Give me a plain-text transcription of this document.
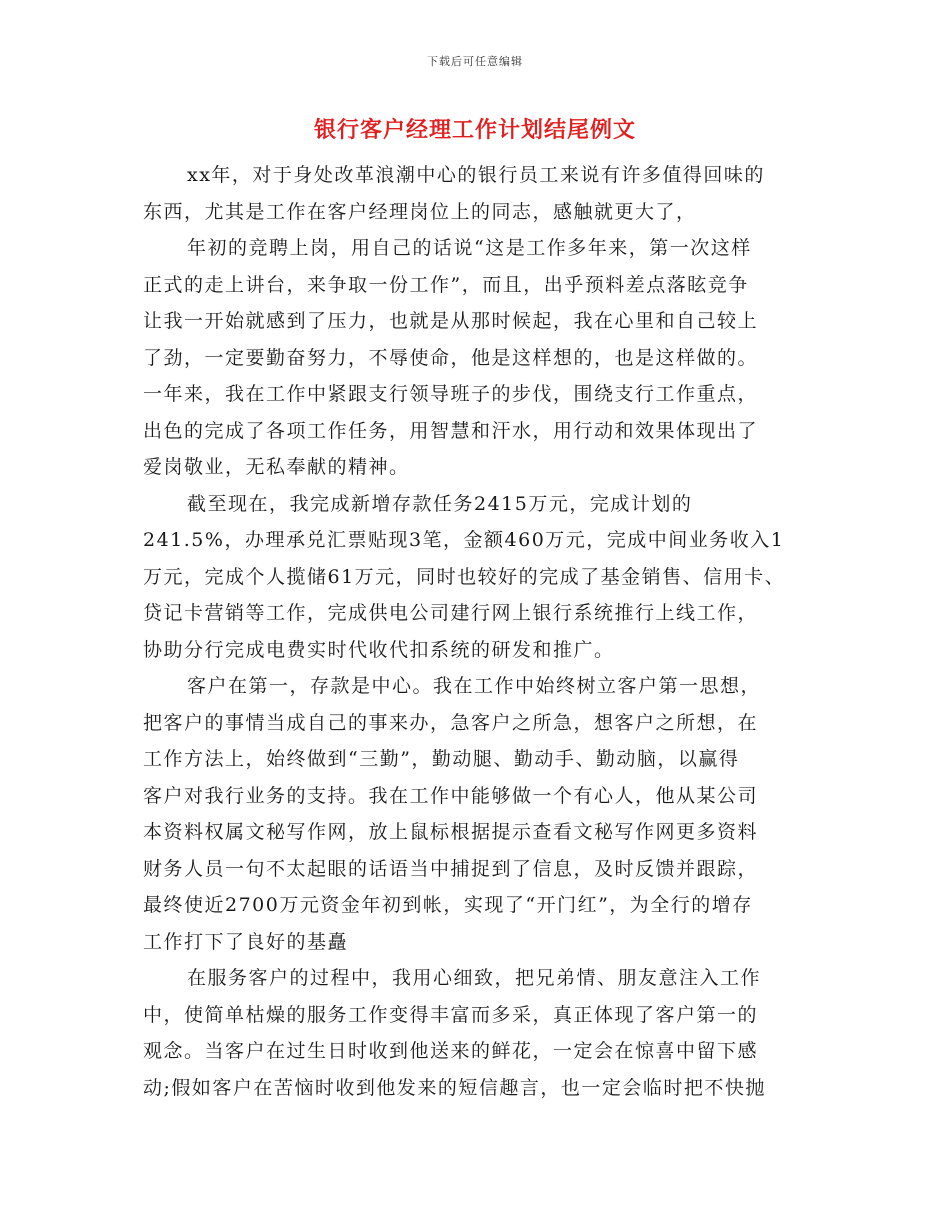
下载后可任意编辑
银行客户经理工作计划结尾例文
xx年，对于身处改革浪潮中心的银行员工来说有许多值得回味的
东西，尤其是工作在客户经理岗位上的同志，感触就更大了，
年初的竞聘上岗，用自己的话说“这是工作多年来，第一次这样
正式的走上讲台，来争取一份工作”，而且，出乎预料差点落眩竞争
让我一开始就感到了压力，也就是从那时候起，我在心里和自己较上
了劲，一定要勤奋努力，不辱使命，他是这样想的，也是这样做的。
一年来，我在工作中紧跟支行领导班子的步伐，围绕支行工作重点，
出色的完成了各项工作任务，用智慧和汗水，用行动和效果体现出了
爱岗敬业，无私奉献的精神。
截至现在，我完成新增存款任务2415万元，完成计划的
241.5%，办理承兑汇票贴现3笔，金额460万元，完成中间业务收入1
万元，完成个人揽储61万元，同时也较好的完成了基金销售、信用卡、
贷记卡营销等工作，完成供电公司建行网上银行系统推行上线工作，
协助分行完成电费实时代收代扣系统的研发和推广。
客户在第一，存款是中心。我在工作中始终树立客户第一思想，
把客户的事情当成自己的事来办，急客户之所急，想客户之所想，在
工作方法上，始终做到“三勤”，勤动腿、勤动手、勤动脑，以赢得
客户对我行业务的支持。我在工作中能够做一个有心人，他从某公司
本资料权属文秘写作网，放上鼠标根据提示查看文秘写作网更多资料
财务人员一句不太起眼的话语当中捕捉到了信息，及时反馈并跟踪，
最终使近2700万元资金年初到帐，实现了“开门红”，为全行的增存
工作打下了良好的基矗
在服务客户的过程中，我用心细致，把兄弟情、朋友意注入工作
中，使简单枯燥的服务工作变得丰富而多采，真正体现了客户第一的
观念。当客户在过生日时收到他送来的鲜花，一定会在惊喜中留下感
动;假如客户在苦恼时收到他发来的短信趣言，也一定会临时把不快抛
